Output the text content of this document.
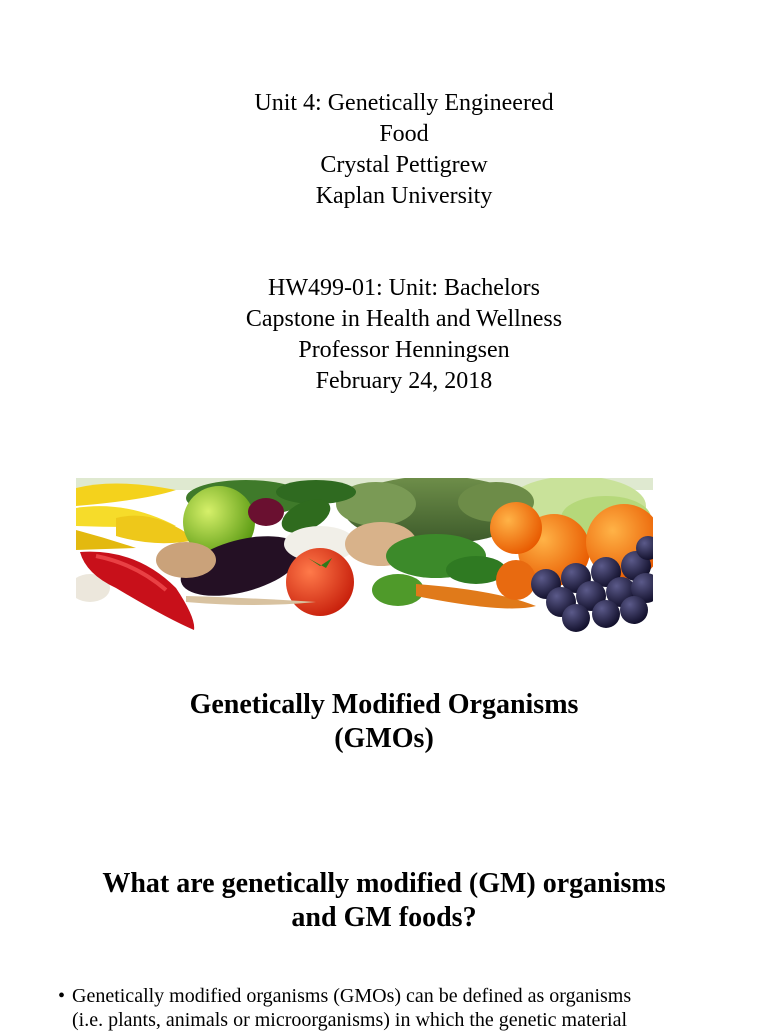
Unit 4: Genetically Engineered
Food
Crystal Pettigrew
Kaplan University
HW499-01: Unit: Bachelors
Capstone in Health and Wellness
Professor Henningsen
February 24, 2018
Genetically Modified Organisms
(GMOs)
What are genetically modified (GM) organisms
and GM foods?
• Genetically modified organisms (GMOs) can be defined as organisms
(i.e. plants, animals or microorganisms) in which the genetic material
